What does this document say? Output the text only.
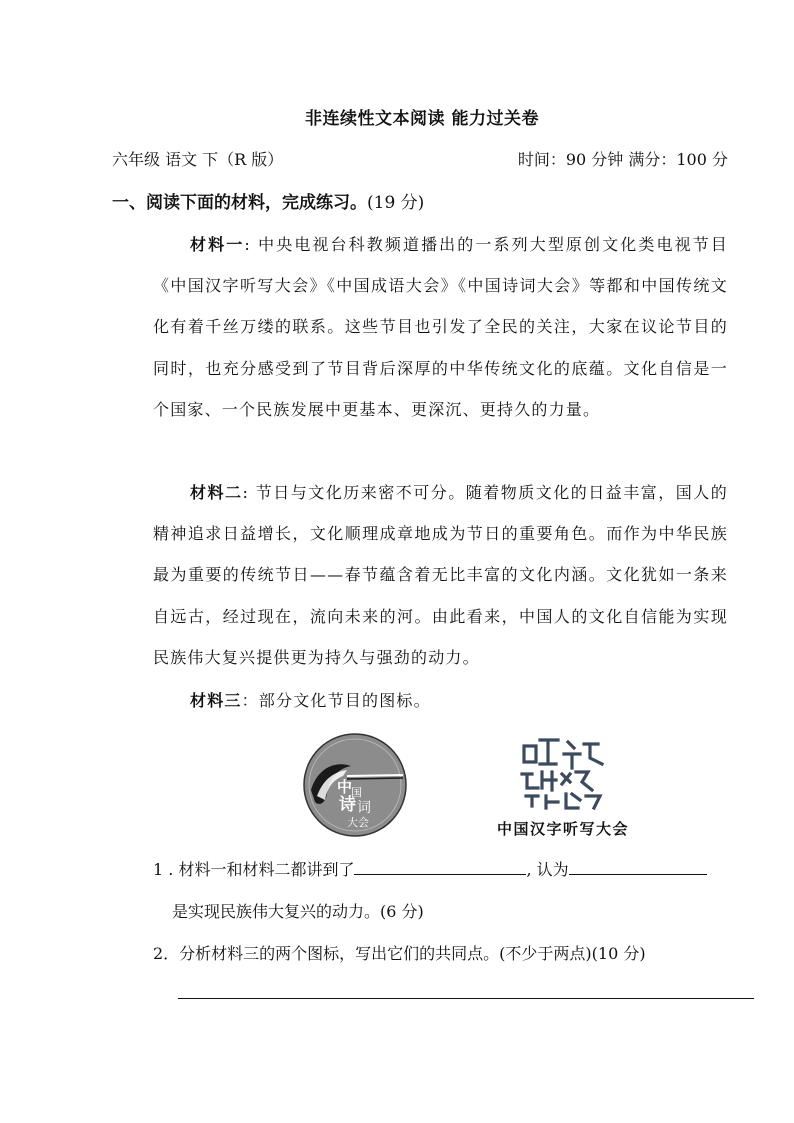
非连续性文本阅读 能力过关卷
六年级 语文 下（R 版）	时间：90 分钟 满分：100 分
一、阅读下面的材料，完成练习。(19 分)
材料一: 中央电视台科教频道播出的一系列大型原创文化类电视节目《中国汉字听写大会》《中国成语大会》《中国诗词大会》等都和中国传统文化有着千丝万缕的联系。这些节目也引发了全民的关注，大家在议论节目的同时，也充分感受到了节目背后深厚的中华传统文化的底蕴。文化自信是一个国家、一个民族发展中更基本、更深沉、更持久的力量。
材料二: 节日与文化历来密不可分。随着物质文化的日益丰富，国人的精神追求日益增长，文化顺理成章地成为节日的重要角色。而作为中华民族最为重要的传统节日——春节蕴含着无比丰富的文化内涵。文化犹如一条来自远古，经过现在，流向未来的河。由此看来，中国人的文化自信能为实现民族伟大复兴提供更为持久与强劲的动力。
材料三：部分文化节目的图标。
中
国
诗 词
大会	中国汉字听写大会
1 . 材料一和材料二都讲到了	, 认为
是实现民族伟大复兴的动力。(6 分)
2．分析材料三的两个图标，写出它们的共同点。(不少于两点)(10 分)
